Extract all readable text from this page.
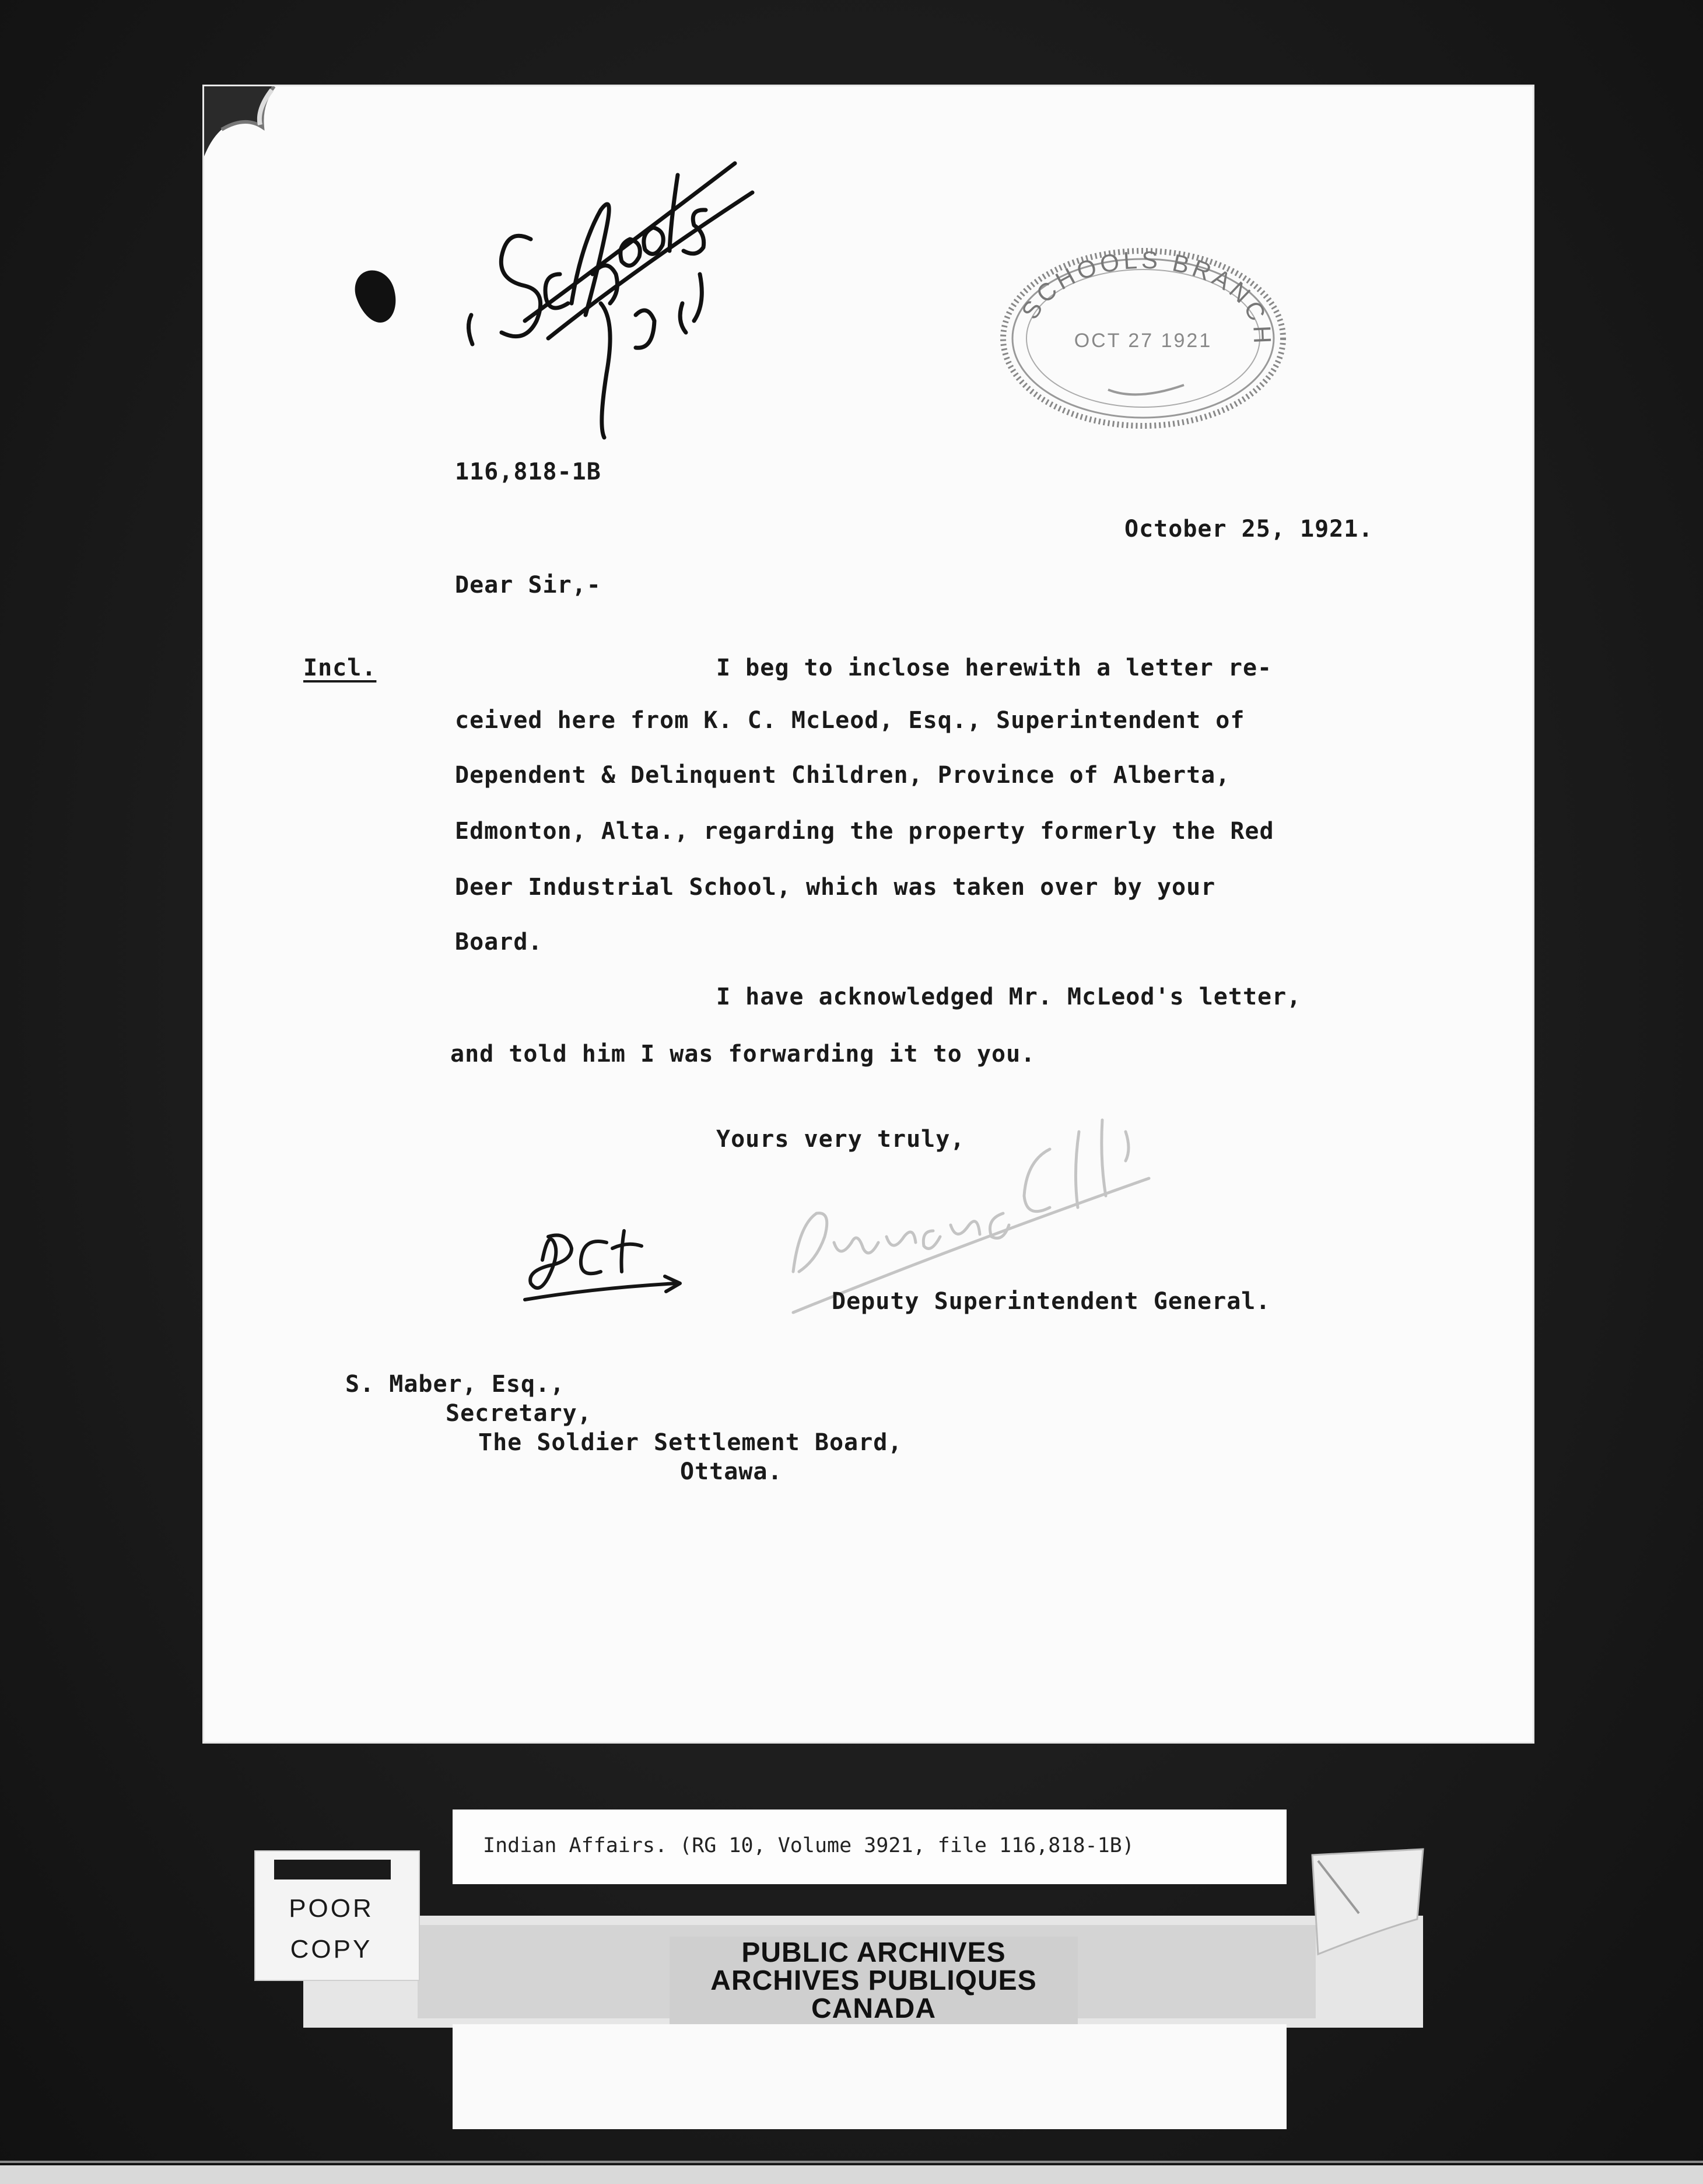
SCHOOLS BRANCH
OCT 27 1921
116,818-1B
October 25, 1921.
Dear Sir,-
Incl.	I beg to inclose herewith a letter re-
ceived here from K. C. McLeod, Esq., Superintendent of
Dependent & Delinquent Children, Province of Alberta,
Edmonton, Alta., regarding the property formerly the Red
Deer Industrial School, which was taken over by your
Board.
I have acknowledged Mr. McLeod's letter,
and told him I was forwarding it to you.
Yours very truly,
Deputy Superintendent General.
S. Maber, Esq.,
Secretary,
The Soldier Settlement Board,
Ottawa.
Indian Affairs. (RG 10, Volume 3921, file 116,818-1B)
POOR
COPY	PUBLIC ARCHIVES
ARCHIVES PUBLIQUES
CANADA
